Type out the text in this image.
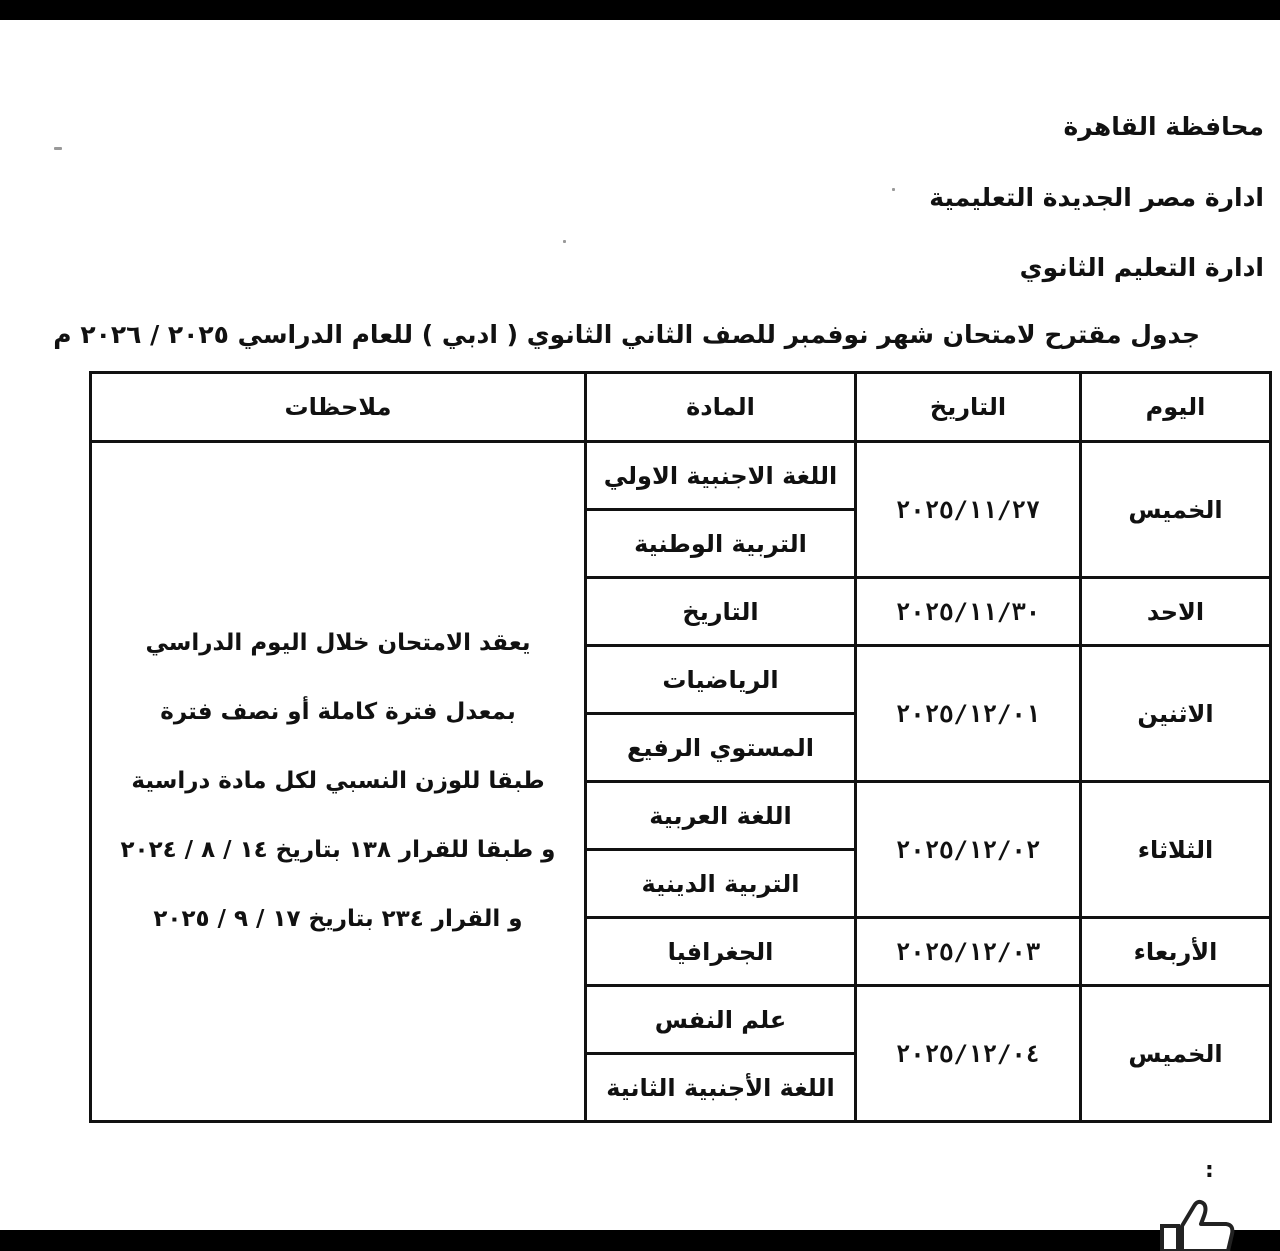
محافظة القاهرة
ادارة مصر الجديدة التعليمية
ادارة التعليم الثانوي
جدول مقترح لامتحان شهر نوفمبر للصف الثاني الثانوي ( ادبي ) للعام الدراسي ٢٠٢٥ / ٢٠٢٦ م
اليوم	التاريخ	المادة	ملاحظات
الخميس	٢٠٢٥/١١/٢٧	اللغة الاجنبية الاولي	يعقد الامتحان خلال اليوم الدراسي

بمعدل فترة كاملة أو نصف فترة

طبقا للوزن النسبي لكل مادة دراسية

و طبقا للقرار ١٣٨ بتاريخ ١٤ / ٨ / ٢٠٢٤

و القرار ٢٣٤ بتاريخ ١٧ / ٩ / ٢٠٢٥

		التربية الوطنية	
الاحد	٢٠٢٥/١١/٣٠	التاريخ	
الاثنين	٢٠٢٥/١٢/٠١	الرياضيات	
		المستوي الرفيع	
الثلاثاء	٢٠٢٥/١٢/٠٢	اللغة العربية	
		التربية الدينية	
الأربعاء	٢٠٢٥/١٢/٠٣	الجغرافيا	
الخميس	٢٠٢٥/١٢/٠٤	علم النفس	
		اللغة الأجنبية الثانية	
:
